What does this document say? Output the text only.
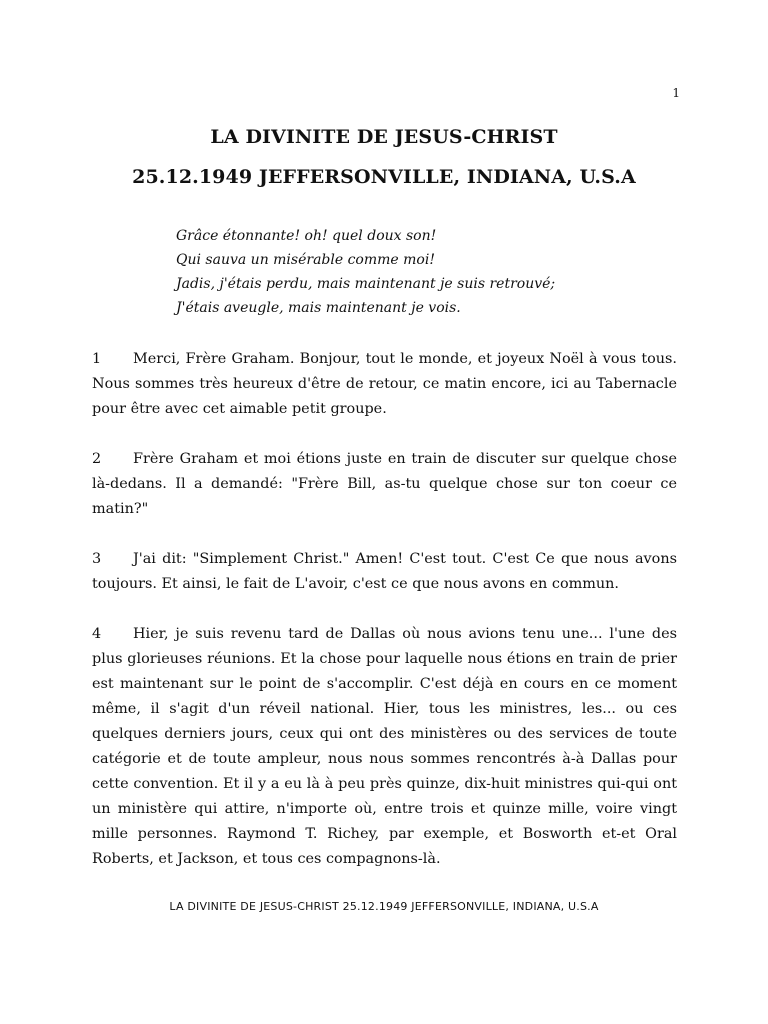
1
LA DIVINITE DE JESUS-CHRIST
25.12.1949 JEFFERSONVILLE, INDIANA, U.S.A
Grâce étonnante! oh! quel doux son!
Qui sauva un misérable comme moi!
Jadis, j'étais perdu, mais maintenant je suis retrouvé;
J'étais aveugle, mais maintenant je vois.

1 Merci, Frère Graham. Bonjour, tout le monde, et joyeux Noël à vous tous. Nous sommes très heureux d'être de retour, ce matin encore, ici au Tabernacle pour être avec cet aimable petit groupe.

2 Frère Graham et moi étions juste en train de discuter sur quelque chose là-dedans. Il a demandé: "Frère Bill, as-tu quelque chose sur ton coeur ce matin?"

3 J'ai dit: "Simplement Christ." Amen! C'est tout. C'est Ce que nous avons toujours. Et ainsi, le fait de L'avoir, c'est ce que nous avons en commun.

4 Hier, je suis revenu tard de Dallas où nous avions tenu une... l'une des plus glorieuses réunions. Et la chose pour laquelle nous étions en train de prier est maintenant sur le point de s'accomplir. C'est déjà en cours en ce moment même, il s'agit d'un réveil national. Hier, tous les ministres, les... ou ces quelques derniers jours, ceux qui ont des ministères ou des services de toute catégorie et de toute ampleur, nous nous sommes rencontrés à-à Dallas pour cette convention. Et il y a eu là à peu près quinze, dix-huit ministres qui-qui ont un ministère qui attire, n'importe où, entre trois et quinze mille, voire vingt mille personnes. Raymond T. Richey, par exemple, et Bosworth et-et Oral Roberts, et Jackson, et tous ces compagnons-là.

LA DIVINITE DE JESUS-CHRIST 25.12.1949 JEFFERSONVILLE, INDIANA, U.S.A
